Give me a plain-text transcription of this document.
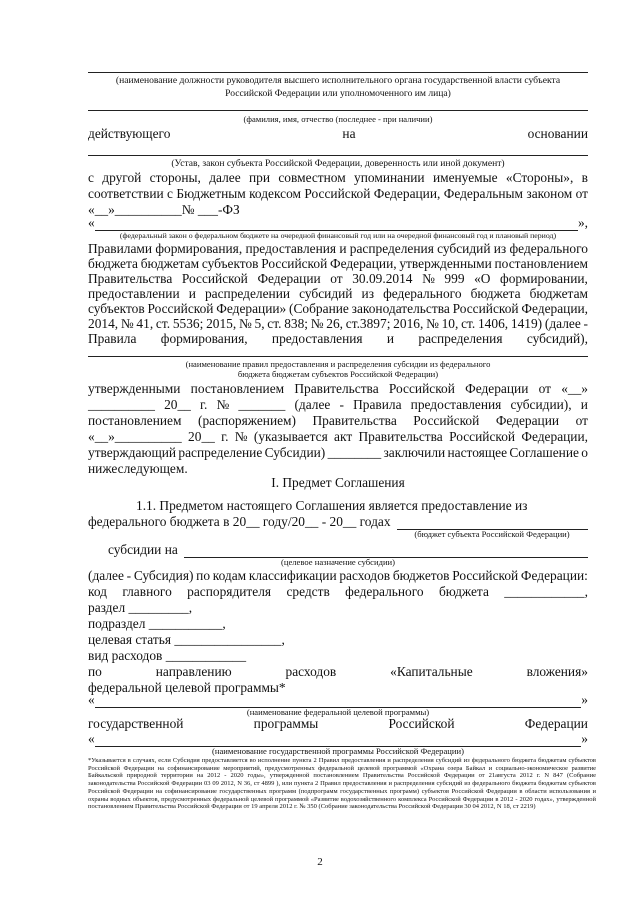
(наименование должности руководителя высшего исполнительного органа государственной власти субъекта
Российской Федерации или уполномоченного им лица)
(фамилия, имя, отчество (последнее - при наличии)
действующего	на	основании
(Устав, закон субъекта Российской Федерации, доверенность или иной документ)
с другой стороны, далее при совместном упоминании именуемые «Стороны», в
соответствии с Бюджетным кодексом Российской Федерации, Федеральным законом от
«__»__________№ ___-ФЗ
«	»,
(федеральный закон о федеральном бюджете на очередной финансовый год или на очередной финансовый год и плановый период)
Правилами формирования, предоставления и распределения субсидий из федерального
бюджета бюджетам субъектов Российской Федерации, утвержденными постановлением
Правительства Российской Федерации от 30.09.2014 № 999 «О формировании,
предоставлении и распределении субсидий из федерального бюджета бюджетам
субъектов Российской Федерации» (Собрание законодательства Российской Федерации,
2014, № 41, ст. 5536; 2015, № 5, ст. 838; № 26, ст.3897; 2016, № 10, ст. 1406, 1419) (далее -
Правила формирования, предоставления и распределения субсидий),
(наименование правил предоставления и распределения субсидии из федерального
бюджета бюджетам субъектов Российской Федерации)
утвержденными постановлением Правительства Российской Федерации от «__»
__________ 20__ г. № _______ (далее - Правила предоставления субсидии), и
постановлением (распоряжением) Правительства Российской Федерации от
«__»__________ 20__ г. № (указывается акт Правительства Российской Федерации,
утверждающий распределение Субсидии) ________ заключили настоящее Соглашение о
нижеследующем.
I. Предмет Соглашения
1.1. Предметом настоящего Соглашения является предоставление из
федерального бюджета в 20__ году/20__ - 20__ годах
(бюджет субъекта Российской Федерации)
субсидии на
(целевое назначение субсидии)
(далее - Субсидия) по кодам классификации расходов бюджетов Российской Федерации:
код главного распорядителя средств федерального бюджета ____________,
раздел _________,
подраздел ___________,
целевая статья ________________,
вид расходов ____________
по	направлению	расходов	«Капитальные	вложения»
федеральной целевой программы*
«	»
(наименование федеральной целевой программы)
государственной	программы	Российской	Федерации
«	»
(наименование государственной программы Российской Федерации)
*Указывается в случаях, если Субсидия предоставляется во исполнение пункта 2 Правил предоставления и распределения субсидий из федерального бюджета бюджетам субъектов Российской Федерации на софинансирование мероприятий, предусмотренных федеральной целевой программой «Охрана озера Байкал и социально-экономическое развитие Байкальской природной территории на 2012 - 2020 годы», утвержденной постановлением Правительства Российской Федерации от 21августа 2012 г. N 847 (Собрание законодательства Российской Федерации 03 09 2012, N 36, ст 4899 ), или пункта 2 Правил предоставления и распределения субсидий из федерального бюджета бюджетам субъектов Российской Федерации на софинансирование государственных программ (подпрограмм государственных программ) субъектов Российской Федерации в области использования и охраны водных объектов, предусмотренных федеральной целевой программой «Развитие водохозяйственного комплекса Российской Федерации в 2012 - 2020 годах», утвержденной постановлением Правительства Российской Федерации от 19 апреля 2012 г. № 350 (Собрание законодательства Российской Федерации 30 04 2012, N 18, ст 2219)
2
